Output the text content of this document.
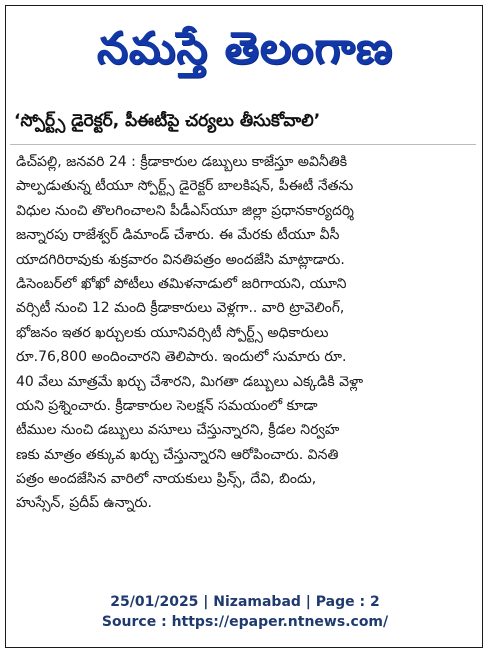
నమస్తే తెలంగాణ
‘స్పోర్ట్స్ డైరెక్టర్, పీఈటీపై చర్యలు తీసుకోవాలి’
డిచ్‌పల్లి, జనవరి 24 : క్రీడాకారుల డబ్బులు కాజేస్తూ అవినీతికి
పాల్పడుతున్న టీయూ స్పోర్ట్స్ డైరెక్టర్ బాలకిషన్, పీఈటీ నేతను
విధుల నుంచి తొలగించాలని పీడీఎస్‌యూ జిల్లా ప్రధానకార్యదర్శి
జన్నారపు రాజేశ్వర్ డిమాండ్ చేశారు. ఈ మేరకు టీయూ వీసీ
యాదగిరిరావుకు శుక్రవారం వినతిపత్రం అందజేసి మాట్లాడారు.
డిసెంబర్‌లో ఖోఖో పోటీలు తమిళనాడులో జరిగాయని, యూని
వర్సిటీ నుంచి 12 మంది క్రీడాకారులు వెళ్లగా.. వారి ట్రావెలింగ్,
భోజనం ఇతర ఖర్చులకు యూనివర్సిటీ స్పోర్ట్స్ అధికారులు
రూ.76,800 అందించారని తెలిపారు. ఇందులో సుమారు రూ.
40 వేలు మాత్రమే ఖర్చు చేశారని, మిగతా డబ్బులు ఎక్కడికి వెళ్లా
యని ప్రశ్నించారు. క్రీడాకారుల సెలక్షన్ సమయంలో కూడా
టీముల నుంచి డబ్బులు వసూలు చేస్తున్నారని, క్రీడల నిర్వహ
ణకు మాత్రం తక్కువ ఖర్చు చేస్తున్నారని ఆరోపించారు. వినతి
పత్రం అందజేసిన వారిలో నాయకులు ప్రిన్స్, దేవి, బిందు,
హుస్సేన్, ప్రదీప్ ఉన్నారు.
25/01/2025 | Nizamabad | Page : 2
Source : https://epaper.ntnews.com/
